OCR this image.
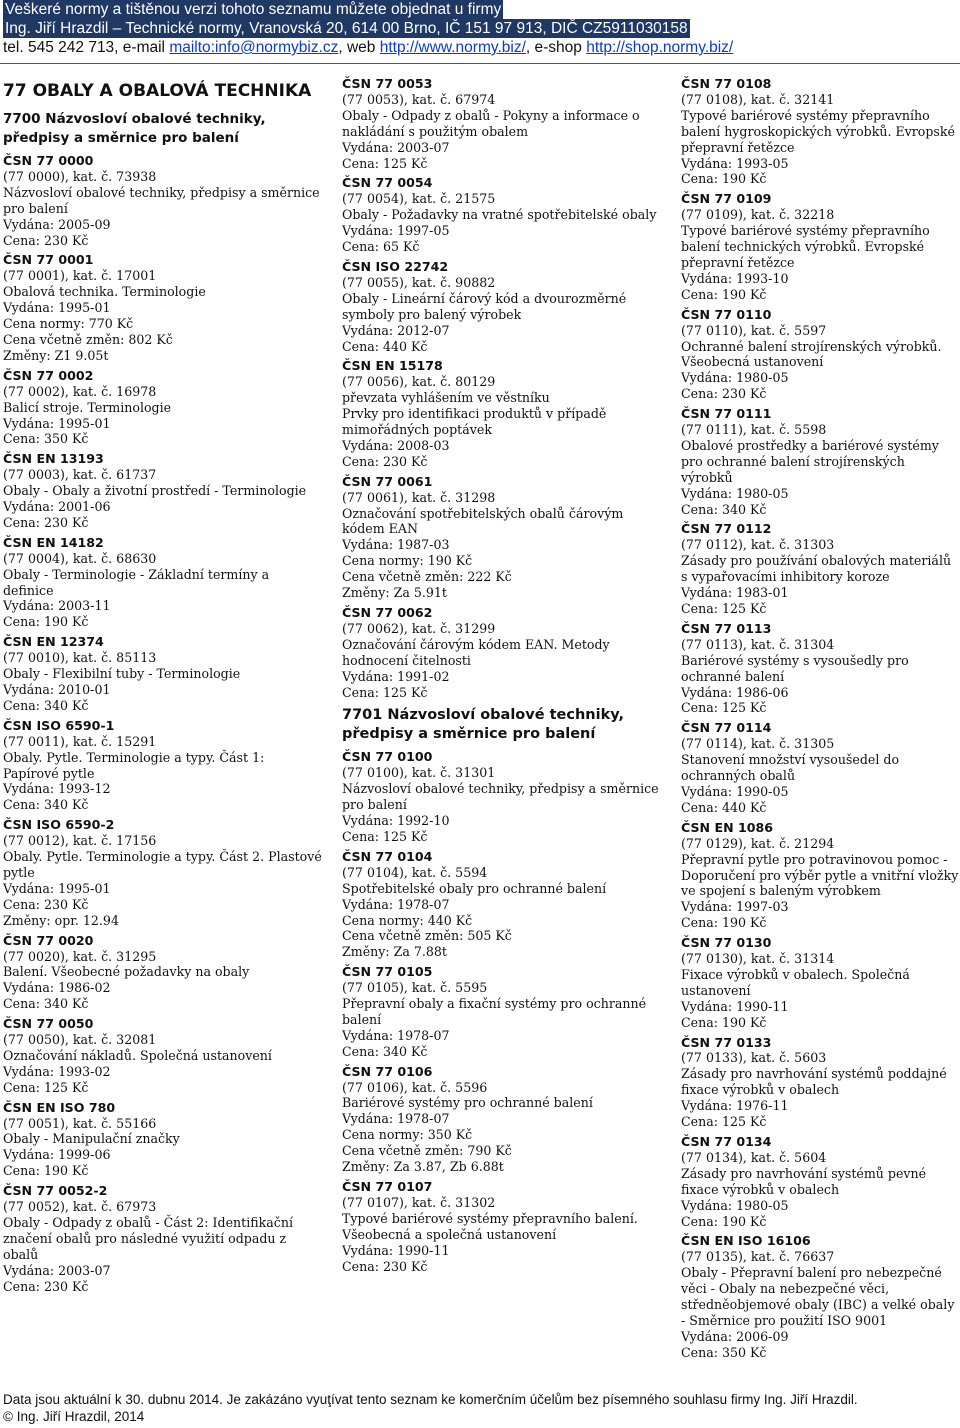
Veškeré normy a tištěnou verzi tohoto seznamu můžete objednat u firmy
Ing. Jiří Hrazdil – Technické normy, Vranovská 20, 614 00 Brno, IČ 151 97 913, DIČ CZ5911030158

tel. 545 242 713, e-mail mailto:info@normybiz.cz, web http://www.normy.biz/, e-shop http://shop.normy.biz/
77 OBALY A OBALOVÁ TECHNIKA
7700 Názvosloví obalové techniky, předpisy a směrnice pro balení
ČSN 77 0000
(77 0000), kat. č. 73938
Názvosloví obalové techniky, předpisy a směrnice pro balení
Vydána: 2005-09
Cena: 230 Kč
ČSN 77 0001
(77 0001), kat. č. 17001
Obalová technika. Terminologie
Vydána: 1995-01
Cena normy: 770 Kč
Cena včetně změn: 802 Kč
Změny: Z1 9.05t
ČSN 77 0002
(77 0002), kat. č. 16978
Balicí stroje. Terminologie
Vydána: 1995-01
Cena: 350 Kč
ČSN EN 13193
(77 0003), kat. č. 61737
Obaly - Obaly a životní prostředí - Terminologie
Vydána: 2001-06
Cena: 230 Kč
ČSN EN 14182
(77 0004), kat. č. 68630
Obaly - Terminologie - Základní termíny a definice
Vydána: 2003-11
Cena: 190 Kč
ČSN EN 12374
(77 0010), kat. č. 85113
Obaly - Flexibilní tuby - Terminologie
Vydána: 2010-01
Cena: 340 Kč
ČSN ISO 6590-1
(77 0011), kat. č. 15291
Obaly. Pytle. Terminologie a typy. Část 1: Papírové pytle
Vydána: 1993-12
Cena: 340 Kč
ČSN ISO 6590-2
(77 0012), kat. č. 17156
Obaly. Pytle. Terminologie a typy. Část 2. Plastové pytle
Vydána: 1995-01
Cena: 230 Kč
Změny: opr. 12.94
ČSN 77 0020
(77 0020), kat. č. 31295
Balení. Všeobecné požadavky na obaly
Vydána: 1986-02
Cena: 340 Kč
ČSN 77 0050
(77 0050), kat. č. 32081
Označování nákladů. Společná ustanovení
Vydána: 1993-02
Cena: 125 Kč
ČSN EN ISO 780
(77 0051), kat. č. 55166
Obaly - Manipulační značky
Vydána: 1999-06
Cena: 190 Kč
ČSN 77 0052-2
(77 0052), kat. č. 67973
Obaly - Odpady z obalů - Část 2: Identifikační značení obalů pro následné využití odpadu z obalů
Vydána: 2003-07
Cena: 230 Kč
ČSN 77 0053
(77 0053), kat. č. 67974
Obaly - Odpady z obalů - Pokyny a informace o nakládání s použitým obalem
Vydána: 2003-07
Cena: 125 Kč
ČSN 77 0054
(77 0054), kat. č. 21575
Obaly - Požadavky na vratné spotřebitelské obaly
Vydána: 1997-05
Cena: 65 Kč
ČSN ISO 22742
(77 0055), kat. č. 90882
Obaly - Lineární čárový kód a dvourozměrné symboly pro balený výrobek
Vydána: 2012-07
Cena: 440 Kč
ČSN EN 15178
(77 0056), kat. č. 80129
převzata vyhlášením ve věstníku
Prvky pro identifikaci produktů v případě mimořádných poptávek
Vydána: 2008-03
Cena: 230 Kč
ČSN 77 0061
(77 0061), kat. č. 31298
Označování spotřebitelských obalů čárovým kódem EAN
Vydána: 1987-03
Cena normy: 190 Kč
Cena včetně změn: 222 Kč
Změny: Za 5.91t
ČSN 77 0062
(77 0062), kat. č. 31299
Označování čárovým kódem EAN. Metody hodnocení čitelnosti
Vydána: 1991-02
Cena: 125 Kč
7701 Názvosloví obalové techniky, předpisy a směrnice pro balení
ČSN 77 0100
(77 0100), kat. č. 31301
Názvosloví obalové techniky, předpisy a směrnice pro balení
Vydána: 1992-10
Cena: 125 Kč
ČSN 77 0104
(77 0104), kat. č. 5594
Spotřebitelské obaly pro ochranné balení
Vydána: 1978-07
Cena normy: 440 Kč
Cena včetně změn: 505 Kč
Změny: Za 7.88t
ČSN 77 0105
(77 0105), kat. č. 5595
Přepravní obaly a fixační systémy pro ochranné balení
Vydána: 1978-07
Cena: 340 Kč
ČSN 77 0106
(77 0106), kat. č. 5596
Bariérové systémy pro ochranné balení
Vydána: 1978-07
Cena normy: 350 Kč
Cena včetně změn: 790 Kč
Změny: Za 3.87, Zb 6.88t
ČSN 77 0107
(77 0107), kat. č. 31302
Typové bariérové systémy přepravního balení. Všeobecná a společná ustanovení
Vydána: 1990-11
Cena: 230 Kč
ČSN 77 0108
(77 0108), kat. č. 32141
Typové bariérové systémy přepravního balení hygroskopických výrobků. Evropské přepravní řetězce
Vydána: 1993-05
Cena: 190 Kč
ČSN 77 0109
(77 0109), kat. č. 32218
Typové bariérové systémy přepravního balení technických výrobků. Evropské přepravní řetězce
Vydána: 1993-10
Cena: 190 Kč
ČSN 77 0110
(77 0110), kat. č. 5597
Ochranné balení strojírenských výrobků. Všeobecná ustanovení
Vydána: 1980-05
Cena: 230 Kč
ČSN 77 0111
(77 0111), kat. č. 5598
Obalové prostředky a bariérové systémy pro ochranné balení strojírenských výrobků
Vydána: 1980-05
Cena: 340 Kč
ČSN 77 0112
(77 0112), kat. č. 31303
Zásady pro používání obalových materiálů s vypařovacími inhibitory koroze
Vydána: 1983-01
Cena: 125 Kč
ČSN 77 0113
(77 0113), kat. č. 31304
Bariérové systémy s vysoušedly pro ochranné balení
Vydána: 1986-06
Cena: 125 Kč
ČSN 77 0114
(77 0114), kat. č. 31305
Stanovení množství vysoušedel do ochranných obalů
Vydána: 1990-05
Cena: 440 Kč
ČSN EN 1086
(77 0129), kat. č. 21294
Přepravní pytle pro potravinovou pomoc - Doporučení pro výběr pytle a vnitřní vložky ve spojení s baleným výrobkem
Vydána: 1997-03
Cena: 190 Kč
ČSN 77 0130
(77 0130), kat. č. 31314
Fixace výrobků v obalech. Společná ustanovení
Vydána: 1990-11
Cena: 190 Kč
ČSN 77 0133
(77 0133), kat. č. 5603
Zásady pro navrhování systémů poddajné fixace výrobků v obalech
Vydána: 1976-11
Cena: 125 Kč
ČSN 77 0134
(77 0134), kat. č. 5604
Zásady pro navrhování systémů pevné fixace výrobků v obalech
Vydána: 1980-05
Cena: 190 Kč
ČSN EN ISO 16106
(77 0135), kat. č. 76637
Obaly - Přepravní balení pro nebezpečné věci - Obaly na nebezpečné věci, středněobjemové obaly (IBC) a velké obaly - Směrnice pro použití ISO 9001
Vydána: 2006-09
Cena: 350 Kč
Data jsou aktuální k 30. dubnu 2014. Je zakázáno vyuţívat tento seznam ke komerčním účelům bez písemného souhlasu firmy Ing. Jiří Hrazdil.
© Ing. Jiří Hrazdil, 2014
